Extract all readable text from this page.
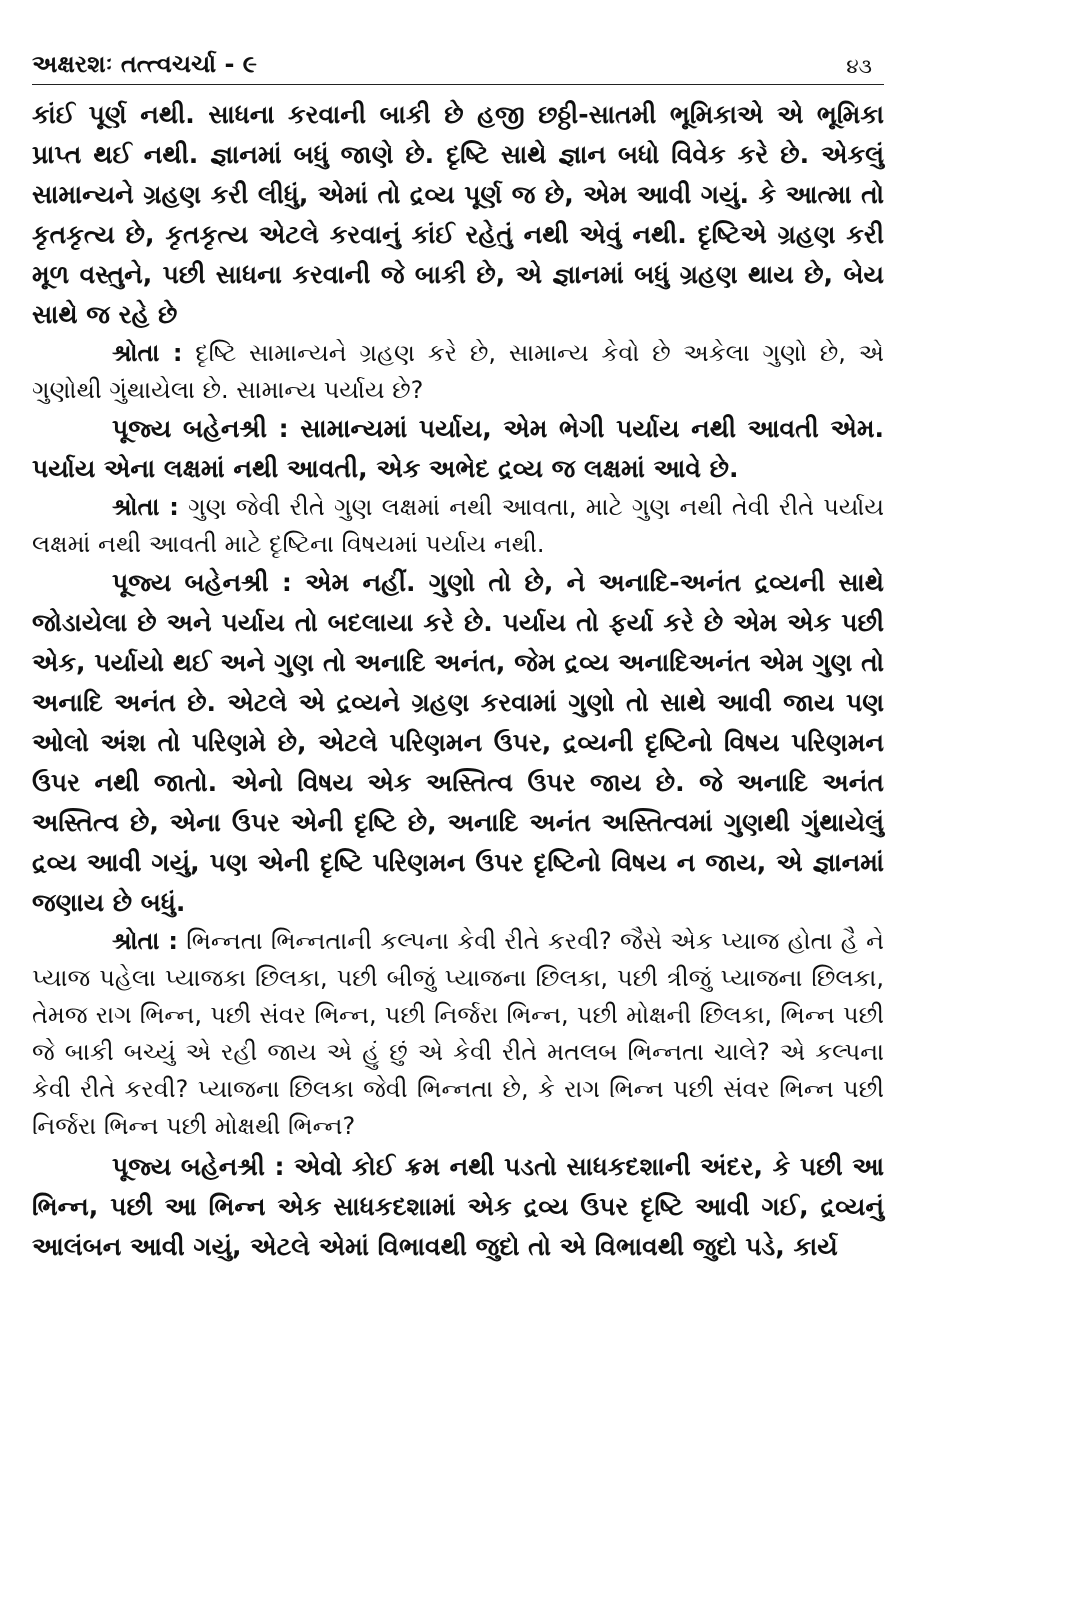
અક્ષરશઃ તત્ત્વચર્ચા - ૯	૪૩

કાંઈ પૂર્ણ નથી. સાધના કરવાની બાકી છે હજી છઠ્ઠી-સાતમી ભૂમિકાએ એ ભૂમિકા પ્રાપ્ત થઈ નથી. જ્ઞાનમાં બધું જાણે છે. દૃષ્ટિ સાથે જ્ઞાન બધો વિવેક કરે છે. એકલું સામાન્યને ગ્રહણ કરી લીધું, એમાં તો દ્રવ્ય પૂર્ણ જ છે, એમ આવી ગયું. કે આત્મા તો કૃતકૃત્ય છે, કૃતકૃત્ય એટલે કરવાનું કાંઈ રહેતું નથી એવું નથી. દૃષ્ટિએ ગ્રહણ કરી મૂળ વસ્તુને, પછી સાધના કરવાની જે બાકી છે, એ જ્ઞાનમાં બધું ગ્રહણ થાય છે, બેય સાથે જ રહે છે

શ્રોતા : દૃષ્ટિ સામાન્યને ગ્રહણ કરે છે, સામાન્ય કેવો છે અકેલા ગુણો છે, એ ગુણોથી ગુંથાયેલા છે. સામાન્ય પર્યાય છે?

પૂજ્ય બહેનશ્રી : સામાન્યમાં પર્યાય, એમ ભેગી પર્યાય નથી આવતી એમ. પર્યાય એના લક્ષમાં નથી આવતી, એક અભેદ દ્રવ્ય જ લક્ષમાં આવે છે.

શ્રોતા : ગુણ જેવી રીતે ગુણ લક્ષમાં નથી આવતા, માટે ગુણ નથી તેવી રીતે પર્યાય લક્ષમાં નથી આવતી માટે દૃષ્ટિના વિષયમાં પર્યાય નથી.

પૂજ્ય બહેનશ્રી : એમ નહીં. ગુણો તો છે, ને અનાદિ-અનંત દ્રવ્યની સાથે જોડાયેલા છે અને પર્યાય તો બદલાયા કરે છે. પર્યાય તો ફર્યા કરે છે એમ એક પછી એક, પર્યાયો થઈ અને ગુણ તો અનાદિ અનંત, જેમ દ્રવ્ય અનાદિઅનંત એમ ગુણ તો અનાદિ અનંત છે. એટલે એ દ્રવ્યને ગ્રહણ કરવામાં ગુણો તો સાથે આવી જાય પણ ઓલો અંશ તો પરિણમે છે, એટલે પરિણમન ઉપર, દ્રવ્યની દૃષ્ટિનો વિષય પરિણમન ઉપર નથી જાતો. એનો વિષય એક અસ્તિત્વ ઉપર જાય છે. જે અનાદિ અનંત અસ્તિત્વ છે, એના ઉપર એની દૃષ્ટિ છે, અનાદિ અનંત અસ્તિત્વમાં ગુણથી ગુંથાયેલું દ્રવ્ય આવી ગયું, પણ એની દૃષ્ટિ પરિણમન ઉપર દૃષ્ટિનો વિષય ન જાય, એ જ્ઞાનમાં જણાય છે બધું.

શ્રોતા : ભિન્નતા ભિન્નતાની કલ્પના કેવી રીતે કરવી? જૈસે એક પ્યાજ હોતા હૈ ને પ્યાજ પહેલા પ્યાજકા છિલકા, પછી બીજું પ્યાજના છિલકા, પછી ત્રીજું પ્યાજના છિલકા, તેમજ રાગ ભિન્ન, પછી સંવર ભિન્ન, પછી નિર્જરા ભિન્ન, પછી મોક્ષની છિલકા, ભિન્ન પછી જે બાકી બચ્યું એ રહી જાય એ હું છું એ કેવી રીતે મતલબ ભિન્નતા ચાલે? એ કલ્પના કેવી રીતે કરવી? પ્યાજના છિલકા જેવી ભિન્નતા છે, કે રાગ ભિન્ન પછી સંવર ભિન્ન પછી નિર્જરા ભિન્ન પછી મોક્ષથી ભિન્ન?

પૂજ્ય બહેનશ્રી : એવો કોઈ ક્રમ નથી પડતો સાધકદશાની અંદર, કે પછી આ ભિન્ન, પછી આ ભિન્ન એક સાધકદશામાં એક દ્રવ્ય ઉપર દૃષ્ટિ આવી ગઈ, દ્રવ્યનું આલંબન આવી ગયું, એટલે એમાં વિભાવથી જુદો તો એ વિભાવથી જુદો પડે, કાર્ય
